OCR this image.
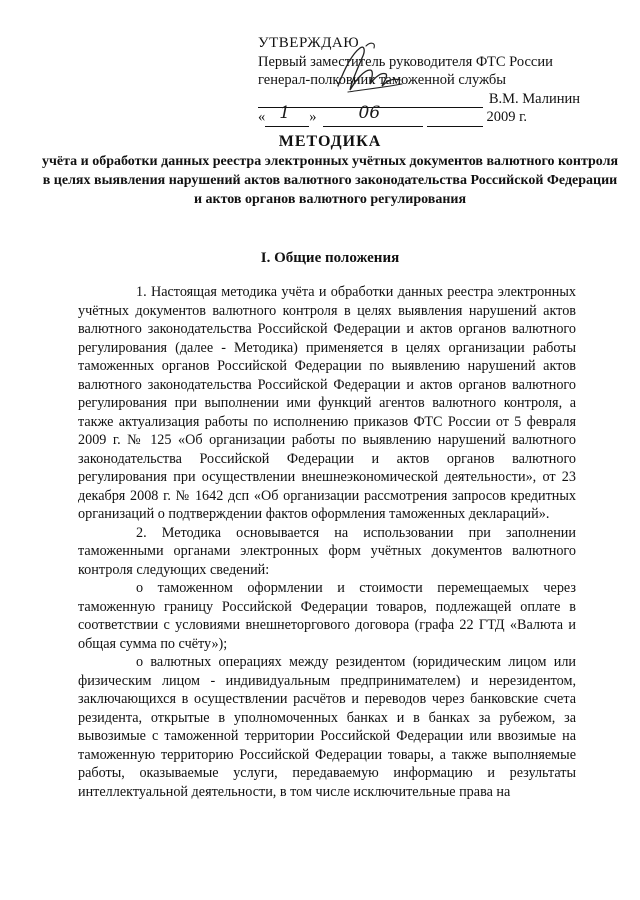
УТВЕРЖДАЮ
Первый заместитель руководителя ФТС России
генерал-полковник таможенной службы
В.М. Малинин
« 1 » 06	2009 г.
МЕТОДИКА
учёта и обработки данных реестра электронных учётных документов валютного контроля в целях выявления нарушений актов валютного законодательства Российской Федерации и актов органов валютного регулирования
I. Общие положения

1. Настоящая методика учёта и обработки данных реестра электронных учётных документов валютного контроля в целях выявления нарушений актов валютного законодательства Российской Федерации и актов органов валютного регулирования (далее - Методика) применяется в целях организации работы таможенных органов Российской Федерации по выявлению нарушений актов валютного законодательства Российской Федерации и актов органов валютного регулирования при выполнении ими функций агентов валютного контроля, а также актуализация работы по исполнению приказов ФТС России от 5 февраля 2009 г. № 125 «Об организации работы по выявлению нарушений валютного законодательства Российской Федерации и актов органов валютного регулирования при осуществлении внешнеэкономической деятельности», от 23 декабря 2008 г. № 1642 дсп «Об организации рассмотрения запросов кредитных организаций о подтверждении фактов оформления таможенных деклараций».

2. Методика основывается на использовании при заполнении таможенными органами электронных форм учётных документов валютного контроля следующих сведений:

о таможенном оформлении и стоимости перемещаемых через таможенную границу Российской Федерации товаров, подлежащей оплате в соответствии с условиями внешнеторгового договора (графа 22 ГТД «Валюта и общая сумма по счёту»);

о валютных операциях между резидентом (юридическим лицом или физическим лицом - индивидуальным предпринимателем) и нерезидентом, заключающихся в осуществлении расчётов и переводов через банковские счета резидента, открытые в уполномоченных банках и в банках за рубежом, за вывозимые с таможенной территории Российской Федерации или ввозимые на таможенную территорию Российской Федерации товары, а также выполняемые работы, оказываемые услуги, передаваемую информацию и результаты интеллектуальной деятельности, в том числе исключительные права на
